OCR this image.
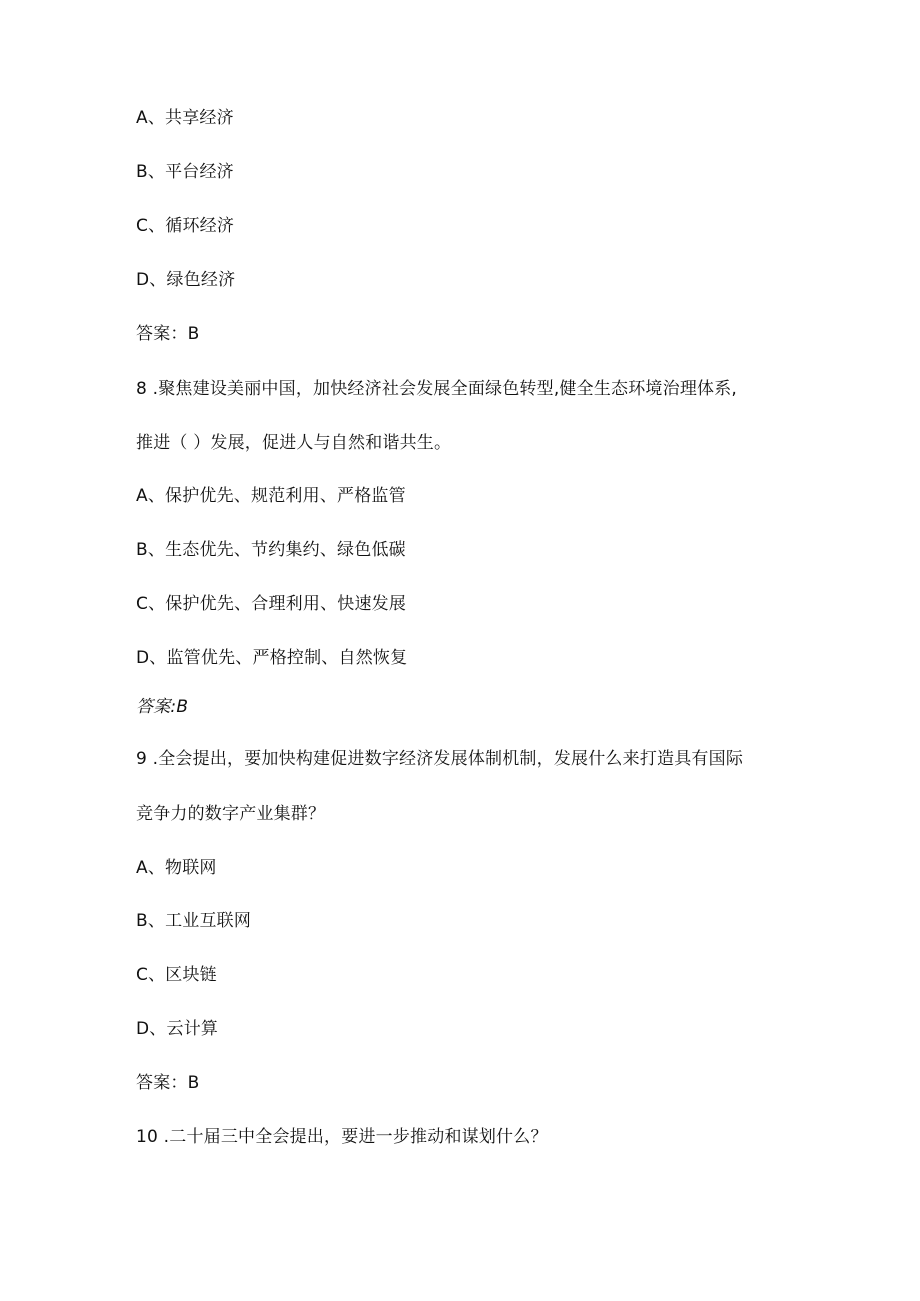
A、共享经济
B、平台经济
C、循环经济
D、绿色经济
答案：B
8 .聚焦建设美丽中国，加快经济社会发展全面绿色转型,健全生态环境治理体系,
推进（ ）发展，促进人与自然和谐共生。
A、保护优先、规范利用、严格监管
B、生态优先、节约集约、绿色低碳
C、保护优先、合理利用、快速发展
D、监管优先、严格控制、自然恢复
答案:B
9 .全会提出，要加快构建促进数字经济发展体制机制，发展什么来打造具有国际
竞争力的数字产业集群？
A、物联网
B、工业互联网
C、区块链
D、云计算
答案：B
10 .二十届三中全会提出，要进一步推动和谋划什么？
